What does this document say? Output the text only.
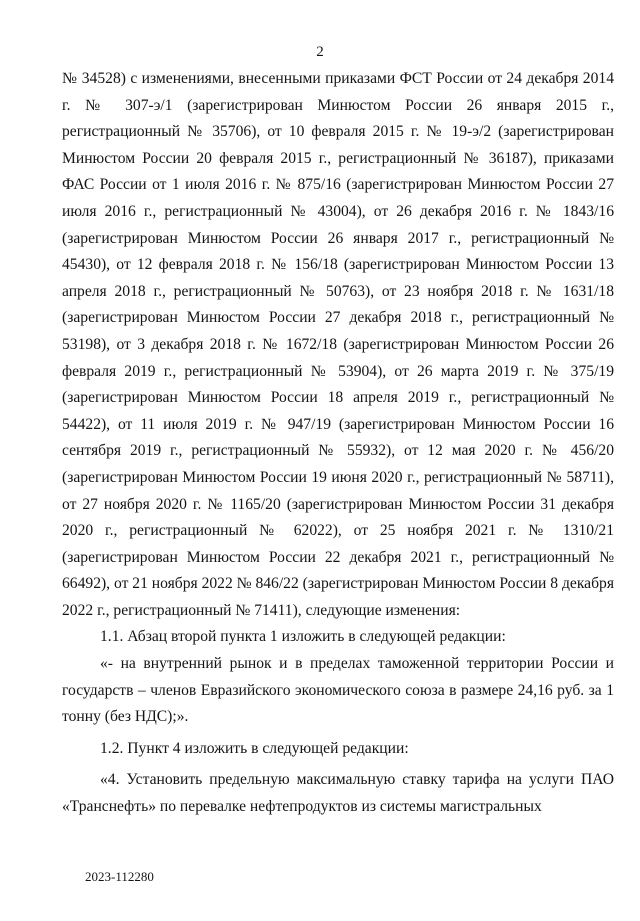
2

№ 34528) с изменениями, внесенными приказами ФСТ России от 24 декабря 2014 г. № 307-э/1 (зарегистрирован Минюстом России 26 января 2015 г., регистрационный № 35706), от 10 февраля 2015 г. № 19-э/2 (зарегистрирован Минюстом России 20 февраля 2015 г., регистрационный № 36187), приказами ФАС России от 1 июля 2016 г. № 875/16 (зарегистрирован Минюстом России 27 июля 2016 г., регистрационный № 43004), от 26 декабря 2016 г. № 1843/16 (зарегистрирован Минюстом России 26 января 2017 г., регистрационный № 45430), от 12 февраля 2018 г. № 156/18 (зарегистрирован Минюстом России 13 апреля 2018 г., регистрационный № 50763), от 23 ноября 2018 г. № 1631/18 (зарегистрирован Минюстом России 27 декабря 2018 г., регистрационный № 53198), от 3 декабря 2018 г. № 1672/18 (зарегистрирован Минюстом России 26 февраля 2019 г., регистрационный № 53904), от 26 марта 2019 г. № 375/19 (зарегистрирован Минюстом России 18 апреля 2019 г., регистрационный № 54422), от 11 июля 2019 г. № 947/19 (зарегистрирован Минюстом России 16 сентября 2019 г., регистрационный № 55932), от 12 мая 2020 г. № 456/20 (зарегистрирован Минюстом России 19 июня 2020 г., регистрационный № 58711), от 27 ноября 2020 г. № 1165/20 (зарегистрирован Минюстом России 31 декабря 2020 г., регистрационный № 62022), от 25 ноября 2021 г. № 1310/21 (зарегистрирован Минюстом России 22 декабря 2021 г., регистрационный № 66492), от 21 ноября 2022 № 846/22 (зарегистрирован Минюстом России 8 декабря 2022 г., регистрационный № 71411), следующие изменения:

1.1. Абзац второй пункта 1 изложить в следующей редакции:

«- на внутренний рынок и в пределах таможенной территории России и государств – членов Евразийского экономического союза в размере 24,16 руб. за 1 тонну (без НДС);».

1.2. Пункт 4 изложить в следующей редакции:

«4. Установить предельную максимальную ставку тарифа на услуги ПАО «Транснефть» по перевалке нефтепродуктов из системы магистральных

2023-112280
